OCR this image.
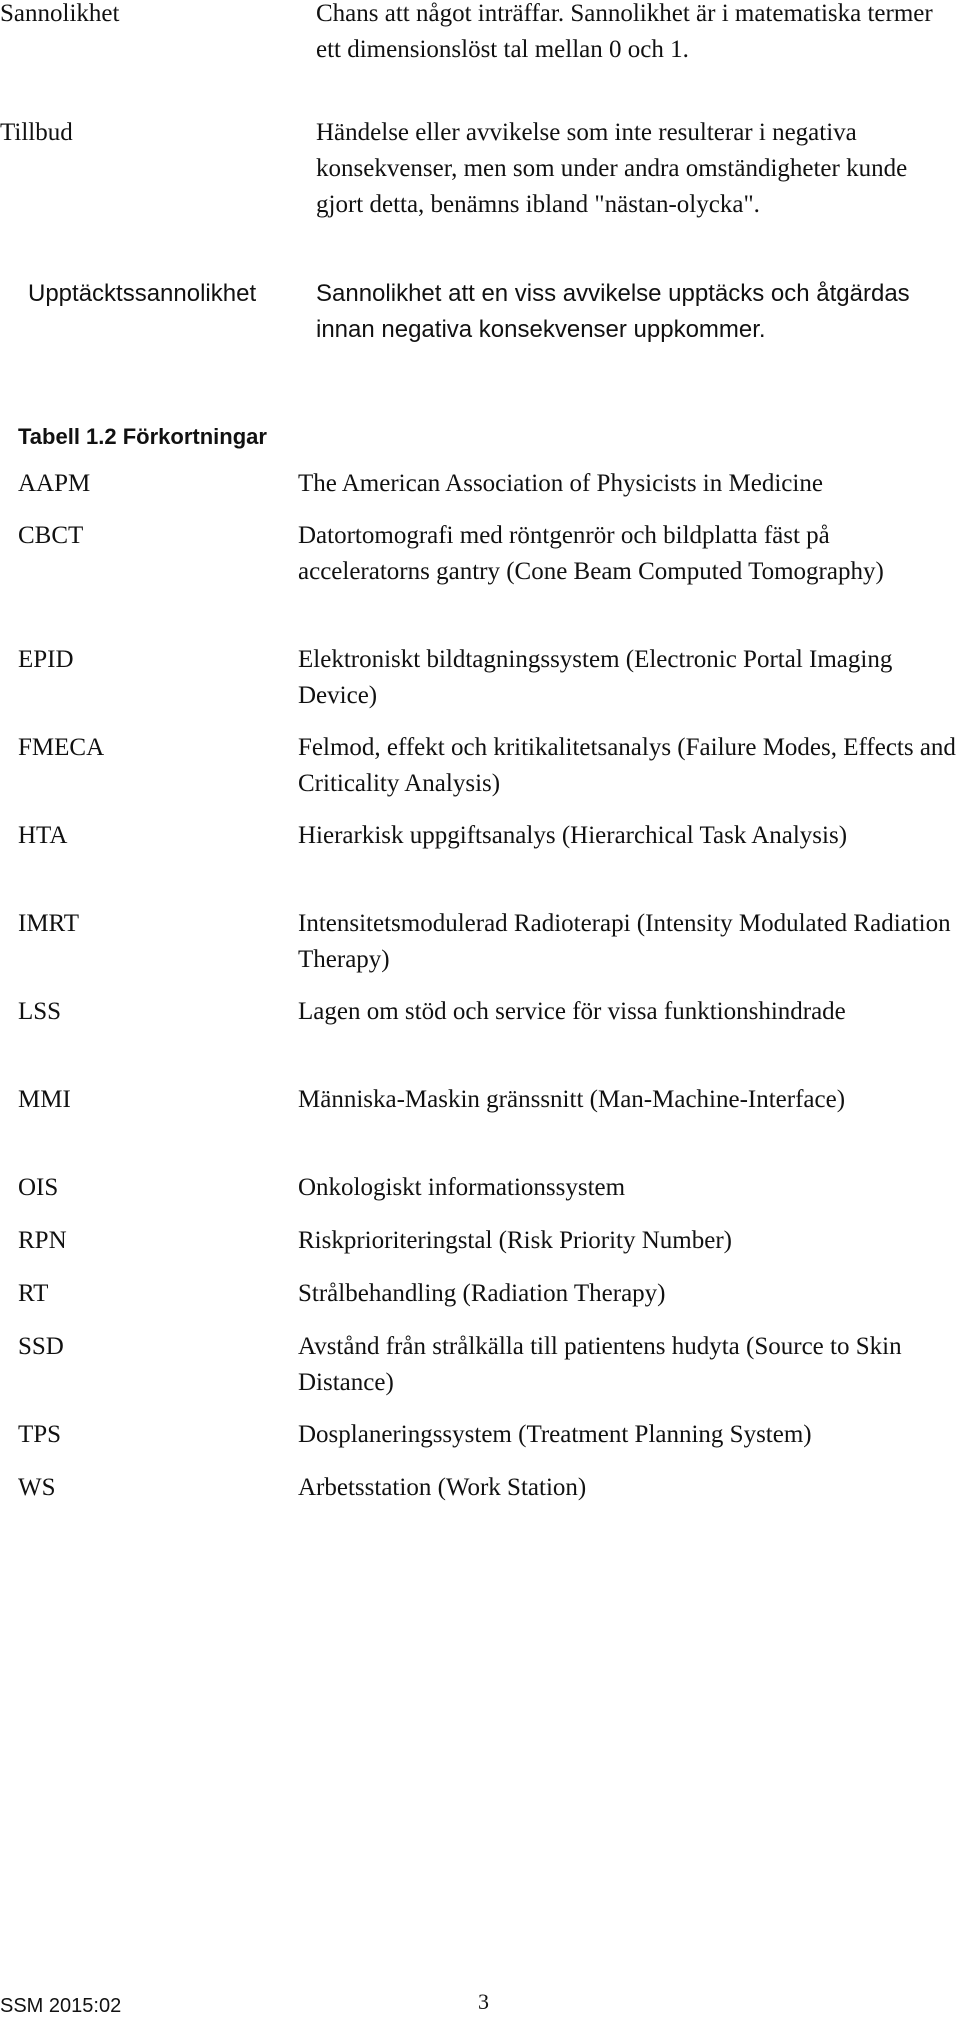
Sannolikhet	Chans att något inträffar. Sannolikhet är i matematiska termer ett dimensionslöst tal mellan 0 och 1.
Tillbud	Händelse eller avvikelse som inte resulterar i negativa konsekvenser, men som under andra omständigheter kunde gjort detta, benämns ibland "nästan-olycka".
Upptäcktssannolikhet Sannolikhet att en viss avvikelse upptäcks och åtgärdas innan negativa konsekvenser uppkommer.
Tabell 1.2 Förkortningar
AAPM	The American Association of Physicists in Medicine
CBCT	Datortomografi med röntgenrör och bildplatta fäst på acceleratorns gantry (Cone Beam Computed Tomography)
EPID	Elektroniskt bildtagningssystem (Electronic Portal Imaging Device)
FMECA	Felmod, effekt och kritikalitetsanalys (Failure Modes, Effects and Criticality Analysis)
HTA	Hierarkisk uppgiftsanalys (Hierarchical Task Analysis)
IMRT	Intensitetsmodulerad Radioterapi (Intensity Modulated Radiation Therapy)
LSS	Lagen om stöd och service för vissa funktionshindrade
MMI	Människa-Maskin gränssnitt (Man-Machine-Interface)
OIS	Onkologiskt informationssystem
RPN	Riskprioriteringstal (Risk Priority Number)
RT	Strålbehandling (Radiation Therapy)
SSD	Avstånd från strålkälla till patientens hudyta (Source to Skin Distance)
TPS	Dosplaneringssystem (Treatment Planning System)
WS	Arbetsstation (Work Station)
SSM 2015:02	3
